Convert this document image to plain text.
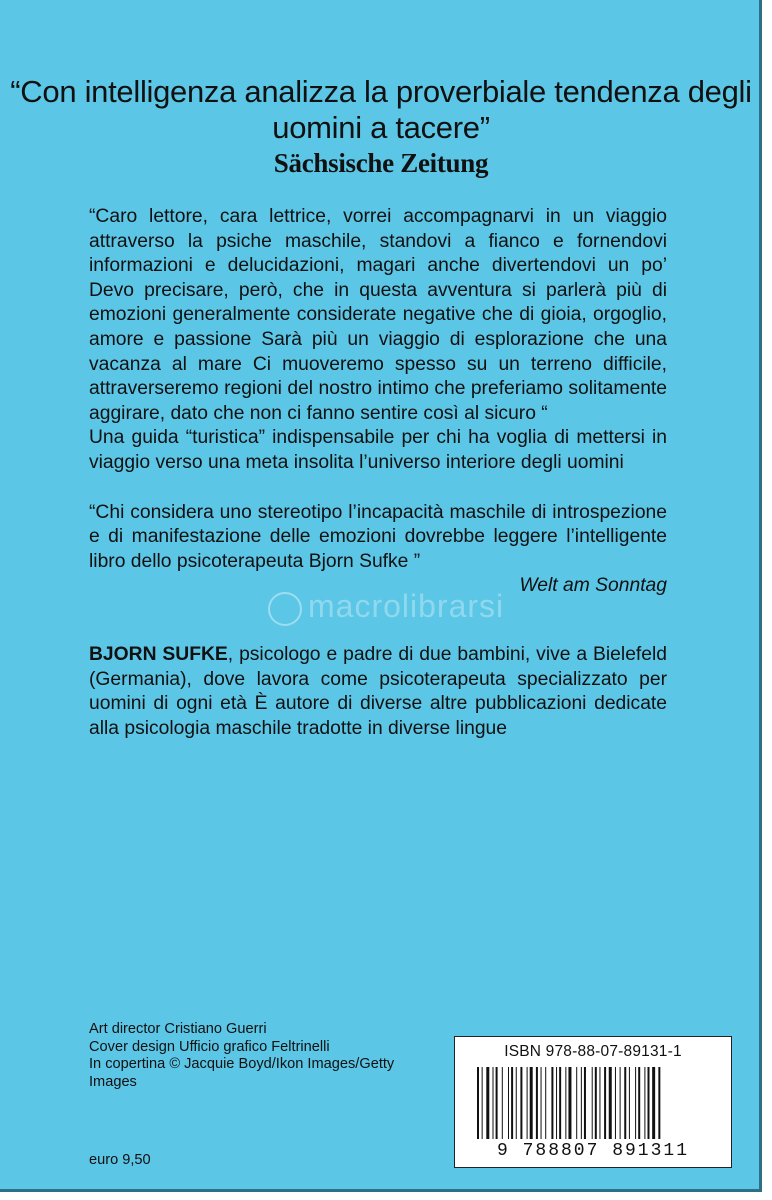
“Con intelligenza analizza la proverbiale tendenza degli uomini a tacere”
Sächsische Zeitung
macrolibrarsi

“Caro lettore, cara lettrice, vorrei accompagnarvi in un viaggio attraverso la psiche maschile, standovi a fianco e fornendovi informazioni e delucidazioni, magari anche divertendovi un po’ Devo precisare, però, che in questa avventura si parlerà più di emozioni generalmente considerate negative che di gioia, orgoglio, amore e passione Sarà più un viaggio di esplorazione che una vacanza al mare Ci muoveremo spesso su un terreno difficile, attraverseremo regioni del nostro intimo che preferiamo solitamente aggirare, dato che non ci fanno sentire così al sicuro “

Una guida “turistica” indispensabile per chi ha voglia di mettersi in viaggio verso una meta insolita l’universo interiore degli uomini

“Chi considera uno stereotipo l’incapacità maschile di introspezione e di manifestazione delle emozioni dovrebbe leggere l’intelligente libro dello psicoterapeuta Bjorn Sufke ”

Welt am Sonntag

BJORN SUFKE, psicologo e padre di due bambini, vive a Bielefeld (Germania), dove lavora come psicoterapeuta specializzato per uomini di ogni età È autore di diverse altre pubblicazioni dedicate alla psicologia maschile tradotte in diverse lingue

Art director Cristiano Guerri
Cover design Ufficio grafico Feltrinelli
In copertina © Jacquie Boyd/Ikon Images/Getty Images
euro 9,50
ISBN 978-88-07-89131-1
9 788807 891311
